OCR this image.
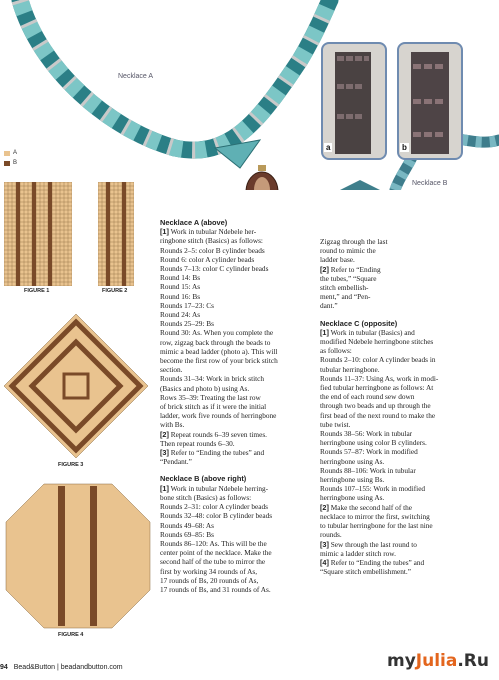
Necklace A
Necklace B
a	b
A
B
FIGURE 1	FIGURE 2
FIGURE 3
FIGURE 4

Necklace A (above)

[1] Work in tubular Ndebele her-

ringbone stitch (Basics) as follows:

Rounds 2–5: color B cylinder beads

Round 6: color A cylinder beads

Rounds 7–13: color C cylinder beads

Round 14: Bs

Round 15: As

Round 16: Bs

Rounds 17–23: Cs

Round 24: As

Rounds 25–29: Bs

Round 30: As. When you complete the

row, zigzag back through the beads to

mimic a bead ladder (photo a). This will

become the first row of your brick stitch

section.

Rounds 31–34: Work in brick stitch

(Basics and photo b) using As.

Rows 35–39: Treating the last row

of brick stitch as if it were the initial

ladder, work five rounds of herringbone

with Bs.

[2] Repeat rounds 6–39 seven times.

Then repeat rounds 6–30.

[3] Refer to “Ending the tubes” and

“Pendant.”

Necklace B (above right)

[1] Work in tubular Ndebele herring-

bone stitch (Basics) as follows:

Rounds 2–31: color A cylinder beads

Rounds 32–48: color B cylinder beads

Rounds 49–68: As

Rounds 69–85: Bs

Rounds 86–120: As. This will be the

center point of the necklace. Make the

second half of the tube to mirror the

first by working 34 rounds of As,

17 rounds of Bs, 20 rounds of As,

17 rounds of Bs, and 31 rounds of As.

Zigzag through the last

round to mimic the

ladder base.

[2] Refer to “Ending

the tubes,” “Square

stitch embellish-

ment,” and “Pen-

dant.”

Necklace C (opposite)

[1] Work in tubular (Basics) and

modified Ndebele herringbone stitches

as follows:

Rounds 2–10: color A cylinder beads in

tubular herringbone.

Rounds 11–37: Using As, work in modi-

fied tubular herringbone as follows: At

the end of each round sew down

through two beads and up through the

first bead of the next round to make the

tube twist.

Rounds 38–56: Work in tubular

herringbone using color B cylinders.

Rounds 57–87: Work in modified

herringbone using As.

Rounds 88–106: Work in tubular

herringbone using Bs.

Rounds 107–155: Work in modified

herringbone using As.

[2] Make the second half of the

necklace to mirror the first, switching

to tubular herringbone for the last nine

rounds.

[3] Sew through the last round to

mimic a ladder stitch row.

[4] Refer to “Ending the tubes” and

“Square stitch embellishment.”

94 Bead&Button | beadandbutton.com	myJulia.Ru
